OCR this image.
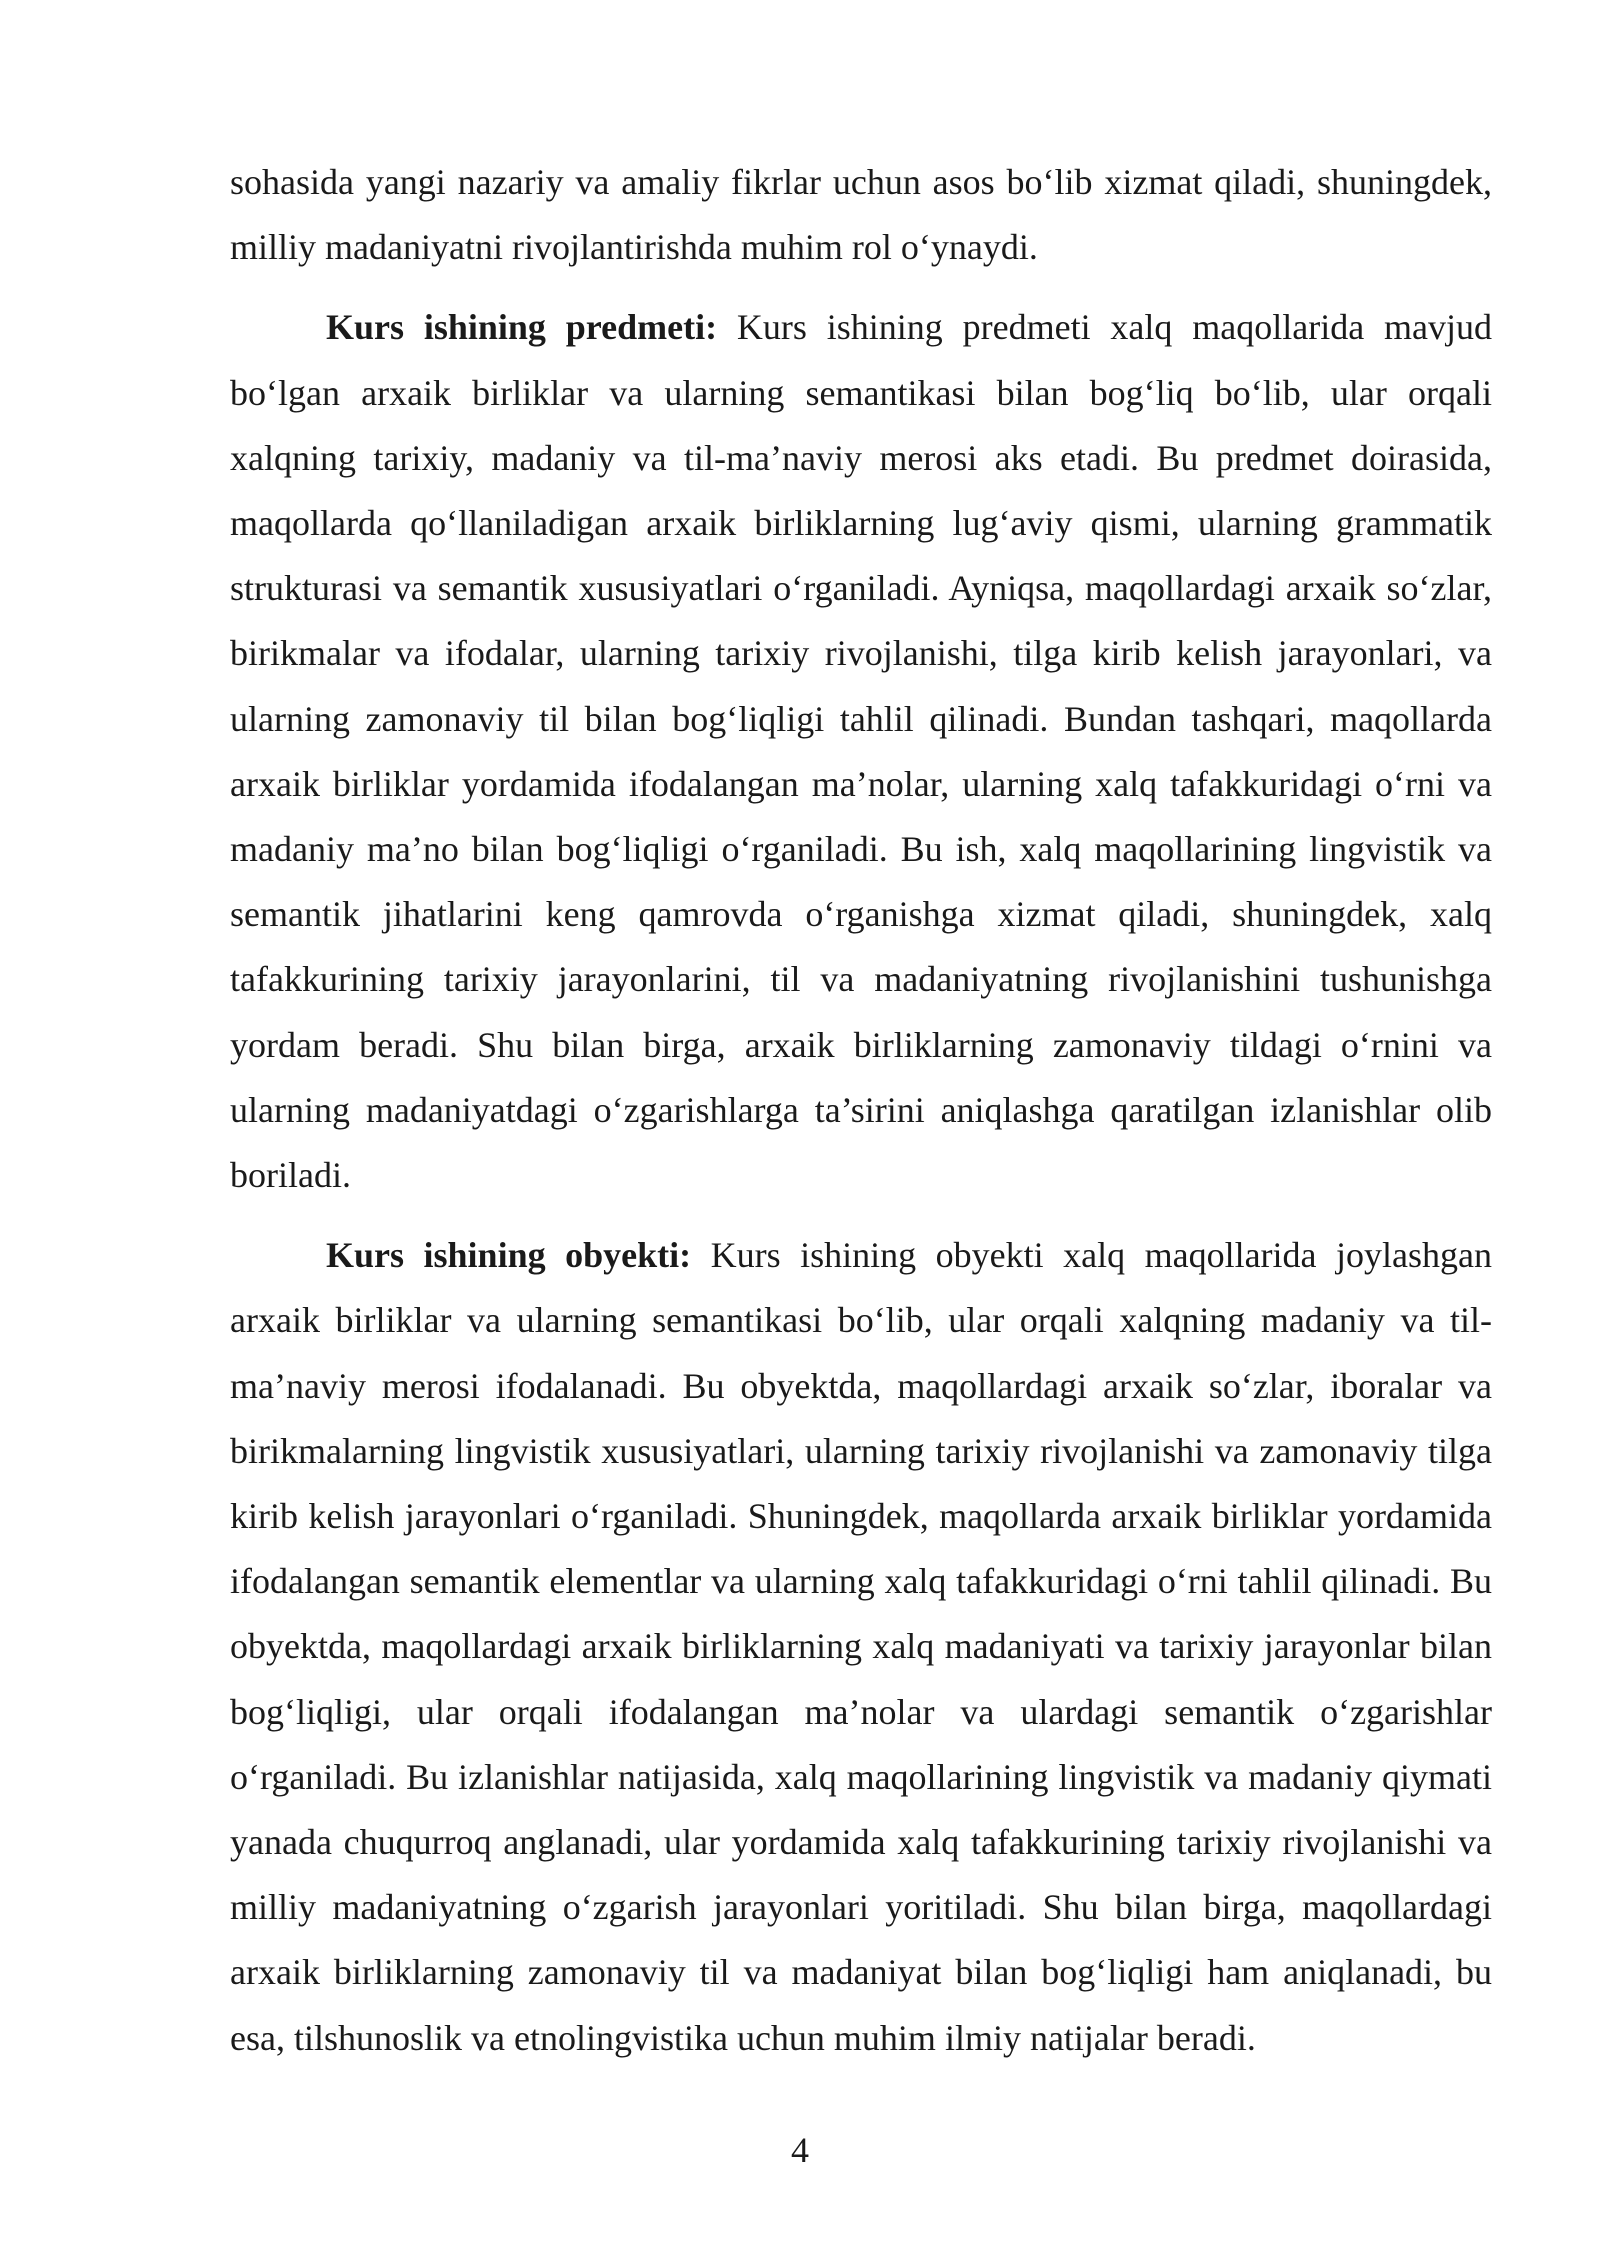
sohasida yangi nazariy va amaliy fikrlar uchun asos bo‘lib xizmat qiladi, shuningdek, milliy madaniyatni rivojlantirishda muhim rol o‘ynaydi.

Kurs ishining predmeti: Kurs ishining predmeti xalq maqollarida mavjud bo‘lgan arxaik birliklar va ularning semantikasi bilan bog‘liq bo‘lib, ular orqali xalqning tarixiy, madaniy va til-ma’naviy merosi aks etadi. Bu predmet doirasida, maqollarda qo‘llaniladigan arxaik birliklarning lug‘aviy qismi, ularning grammatik strukturasi va semantik xususiyatlari o‘rganiladi. Ayniqsa, maqollardagi arxaik so‘zlar, birikmalar va ifodalar, ularning tarixiy rivojlanishi, tilga kirib kelish jarayonlari, va ularning zamonaviy til bilan bog‘liqligi tahlil qilinadi. Bundan tashqari, maqollarda arxaik birliklar yordamida ifodalangan ma’nolar, ularning xalq tafakkuridagi o‘rni va madaniy ma’no bilan bog‘liqligi o‘rganiladi. Bu ish, xalq maqollarining lingvistik va semantik jihatlarini keng qamrovda o‘rganishga xizmat qiladi, shuningdek, xalq tafakkurining tarixiy jarayonlarini, til va madaniyatning rivojlanishini tushunishga yordam beradi. Shu bilan birga, arxaik birliklarning zamonaviy tildagi o‘rnini va ularning madaniyatdagi o‘zgarishlarga ta’sirini aniqlashga qaratilgan izlanishlar olib boriladi.

Kurs ishining obyekti: Kurs ishining obyekti xalq maqollarida joylashgan arxaik birliklar va ularning semantikasi bo‘lib, ular orqali xalqning madaniy va til-ma’naviy merosi ifodalanadi. Bu obyektda, maqollardagi arxaik so‘zlar, iboralar va birikmalarning lingvistik xususiyatlari, ularning tarixiy rivojlanishi va zamonaviy tilga kirib kelish jarayonlari o‘rganiladi. Shuningdek, maqollarda arxaik birliklar yordamida ifodalangan semantik elementlar va ularning xalq tafakkuridagi o‘rni tahlil qilinadi. Bu obyektda, maqollardagi arxaik birliklarning xalq madaniyati va tarixiy jarayonlar bilan bog‘liqligi, ular orqali ifodalangan ma’nolar va ulardagi semantik o‘zgarishlar o‘rganiladi. Bu izlanishlar natijasida, xalq maqollarining lingvistik va madaniy qiymati yanada chuqurroq anglanadi, ular yordamida xalq tafakkurining tarixiy rivojlanishi va milliy madaniyatning o‘zgarish jarayonlari yoritiladi. Shu bilan birga, maqollardagi arxaik birliklarning zamonaviy til va madaniyat bilan bog‘liqligi ham aniqlanadi, bu esa, tilshunoslik va etnolingvistika uchun muhim ilmiy natijalar beradi.

4
